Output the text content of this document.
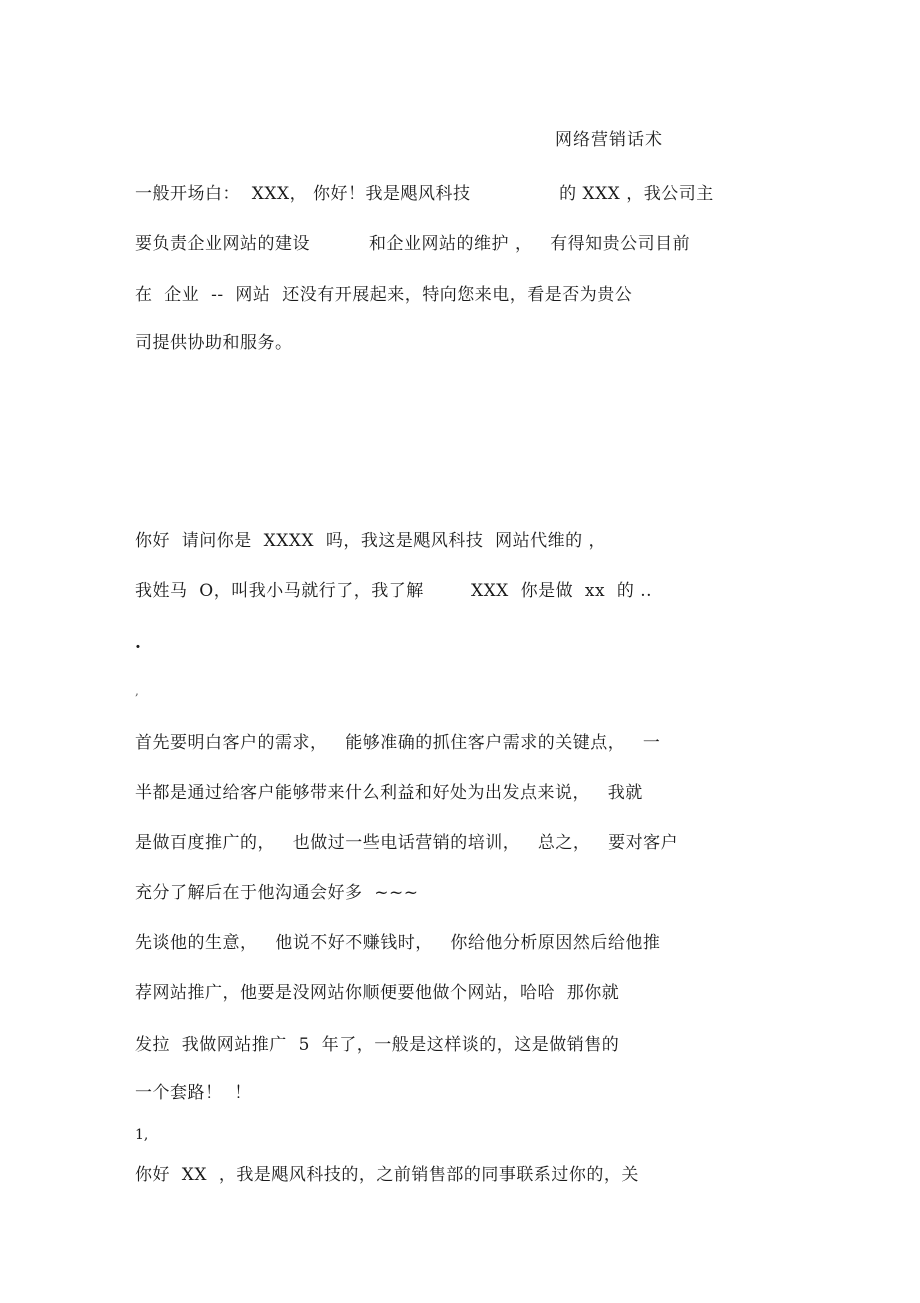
网络营销话术
一般开场白：  XXX， 你好！我是飓风科技               的 XXX ，我公司主
要负责企业网站的建设          和企业网站的维护 ，   有得知贵公司目前
在  企业  --  网站  还没有开展起来，特向您来电，看是否为贵公
司提供协助和服务。
你好  请问你是  XXXX  吗，我这是飓风科技  网站代维的 ，
我姓马  O，叫我小马就行了，我了解        XXX  你是做  xx  的 ..
.
,
首先要明白客户的需求，   能够准确的抓住客户需求的关键点，   一
半都是通过给客户能够带来什么利益和好处为出发点来说，   我就
是做百度推广的，   也做过一些电话营销的培训，   总之，   要对客户
充分了解后在于他沟通会好多  ~~~
先谈他的生意，   他说不好不赚钱时，   你给他分析原因然后给他推
荐网站推广，他要是没网站你顺便要他做个网站，哈哈  那你就
发拉  我做网站推广  5  年了，一般是这样谈的，这是做销售的
一个套路！  ！
1,
你好  XX  ，我是飓风科技的，之前销售部的同事联系过你的，关
